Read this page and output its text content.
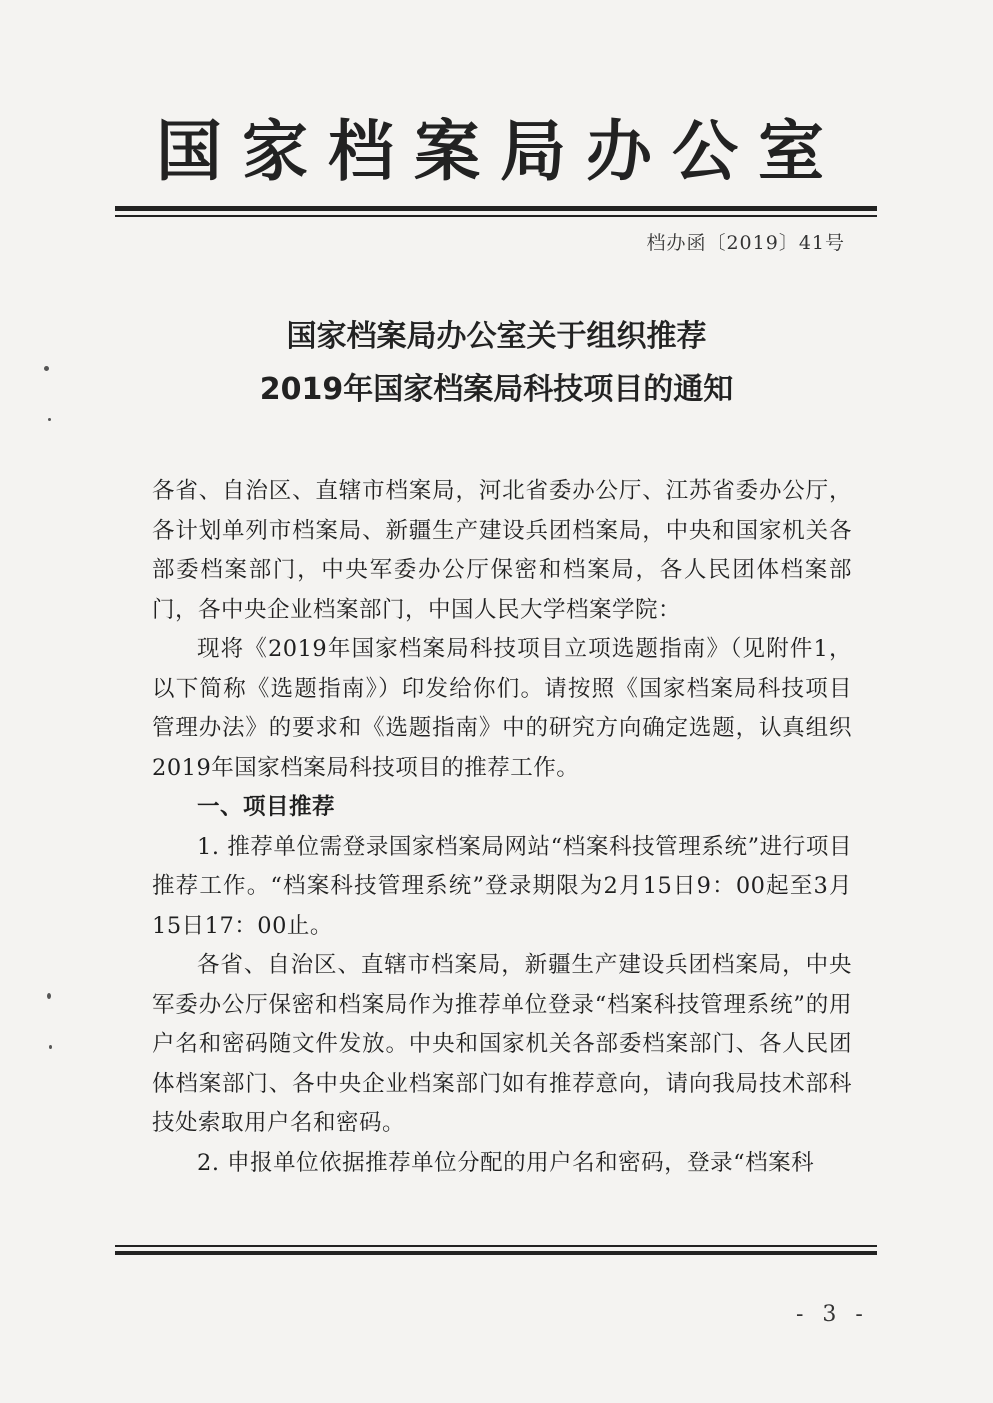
国家档案局办公室
档办函〔2019〕41号
国家档案局办公室关于组织推荐
2019年国家档案局科技项目的通知

各省、自治区、直辖市档案局，河北省委办公厅、江苏省委办公厅，各计划单列市档案局、新疆生产建设兵团档案局，中央和国家机关各部委档案部门，中央军委办公厅保密和档案局，各人民团体档案部门，各中央企业档案部门，中国人民大学档案学院：

现将《2019年国家档案局科技项目立项选题指南》（见附件1，以下简称《选题指南》）印发给你们。请按照《国家档案局科技项目管理办法》的要求和《选题指南》中的研究方向确定选题，认真组织2019年国家档案局科技项目的推荐工作。

一、项目推荐

1. 推荐单位需登录国家档案局网站“档案科技管理系统”进行项目推荐工作。“档案科技管理系统”登录期限为2月15日9：00起至3月15日17：00止。

各省、自治区、直辖市档案局，新疆生产建设兵团档案局，中央军委办公厅保密和档案局作为推荐单位登录“档案科技管理系统”的用户名和密码随文件发放。中央和国家机关各部委档案部门、各人民团体档案部门、各中央企业档案部门如有推荐意向，请向我局技术部科技处索取用户名和密码。

2. 申报单位依据推荐单位分配的用户名和密码，登录“档案科

- 3 -
